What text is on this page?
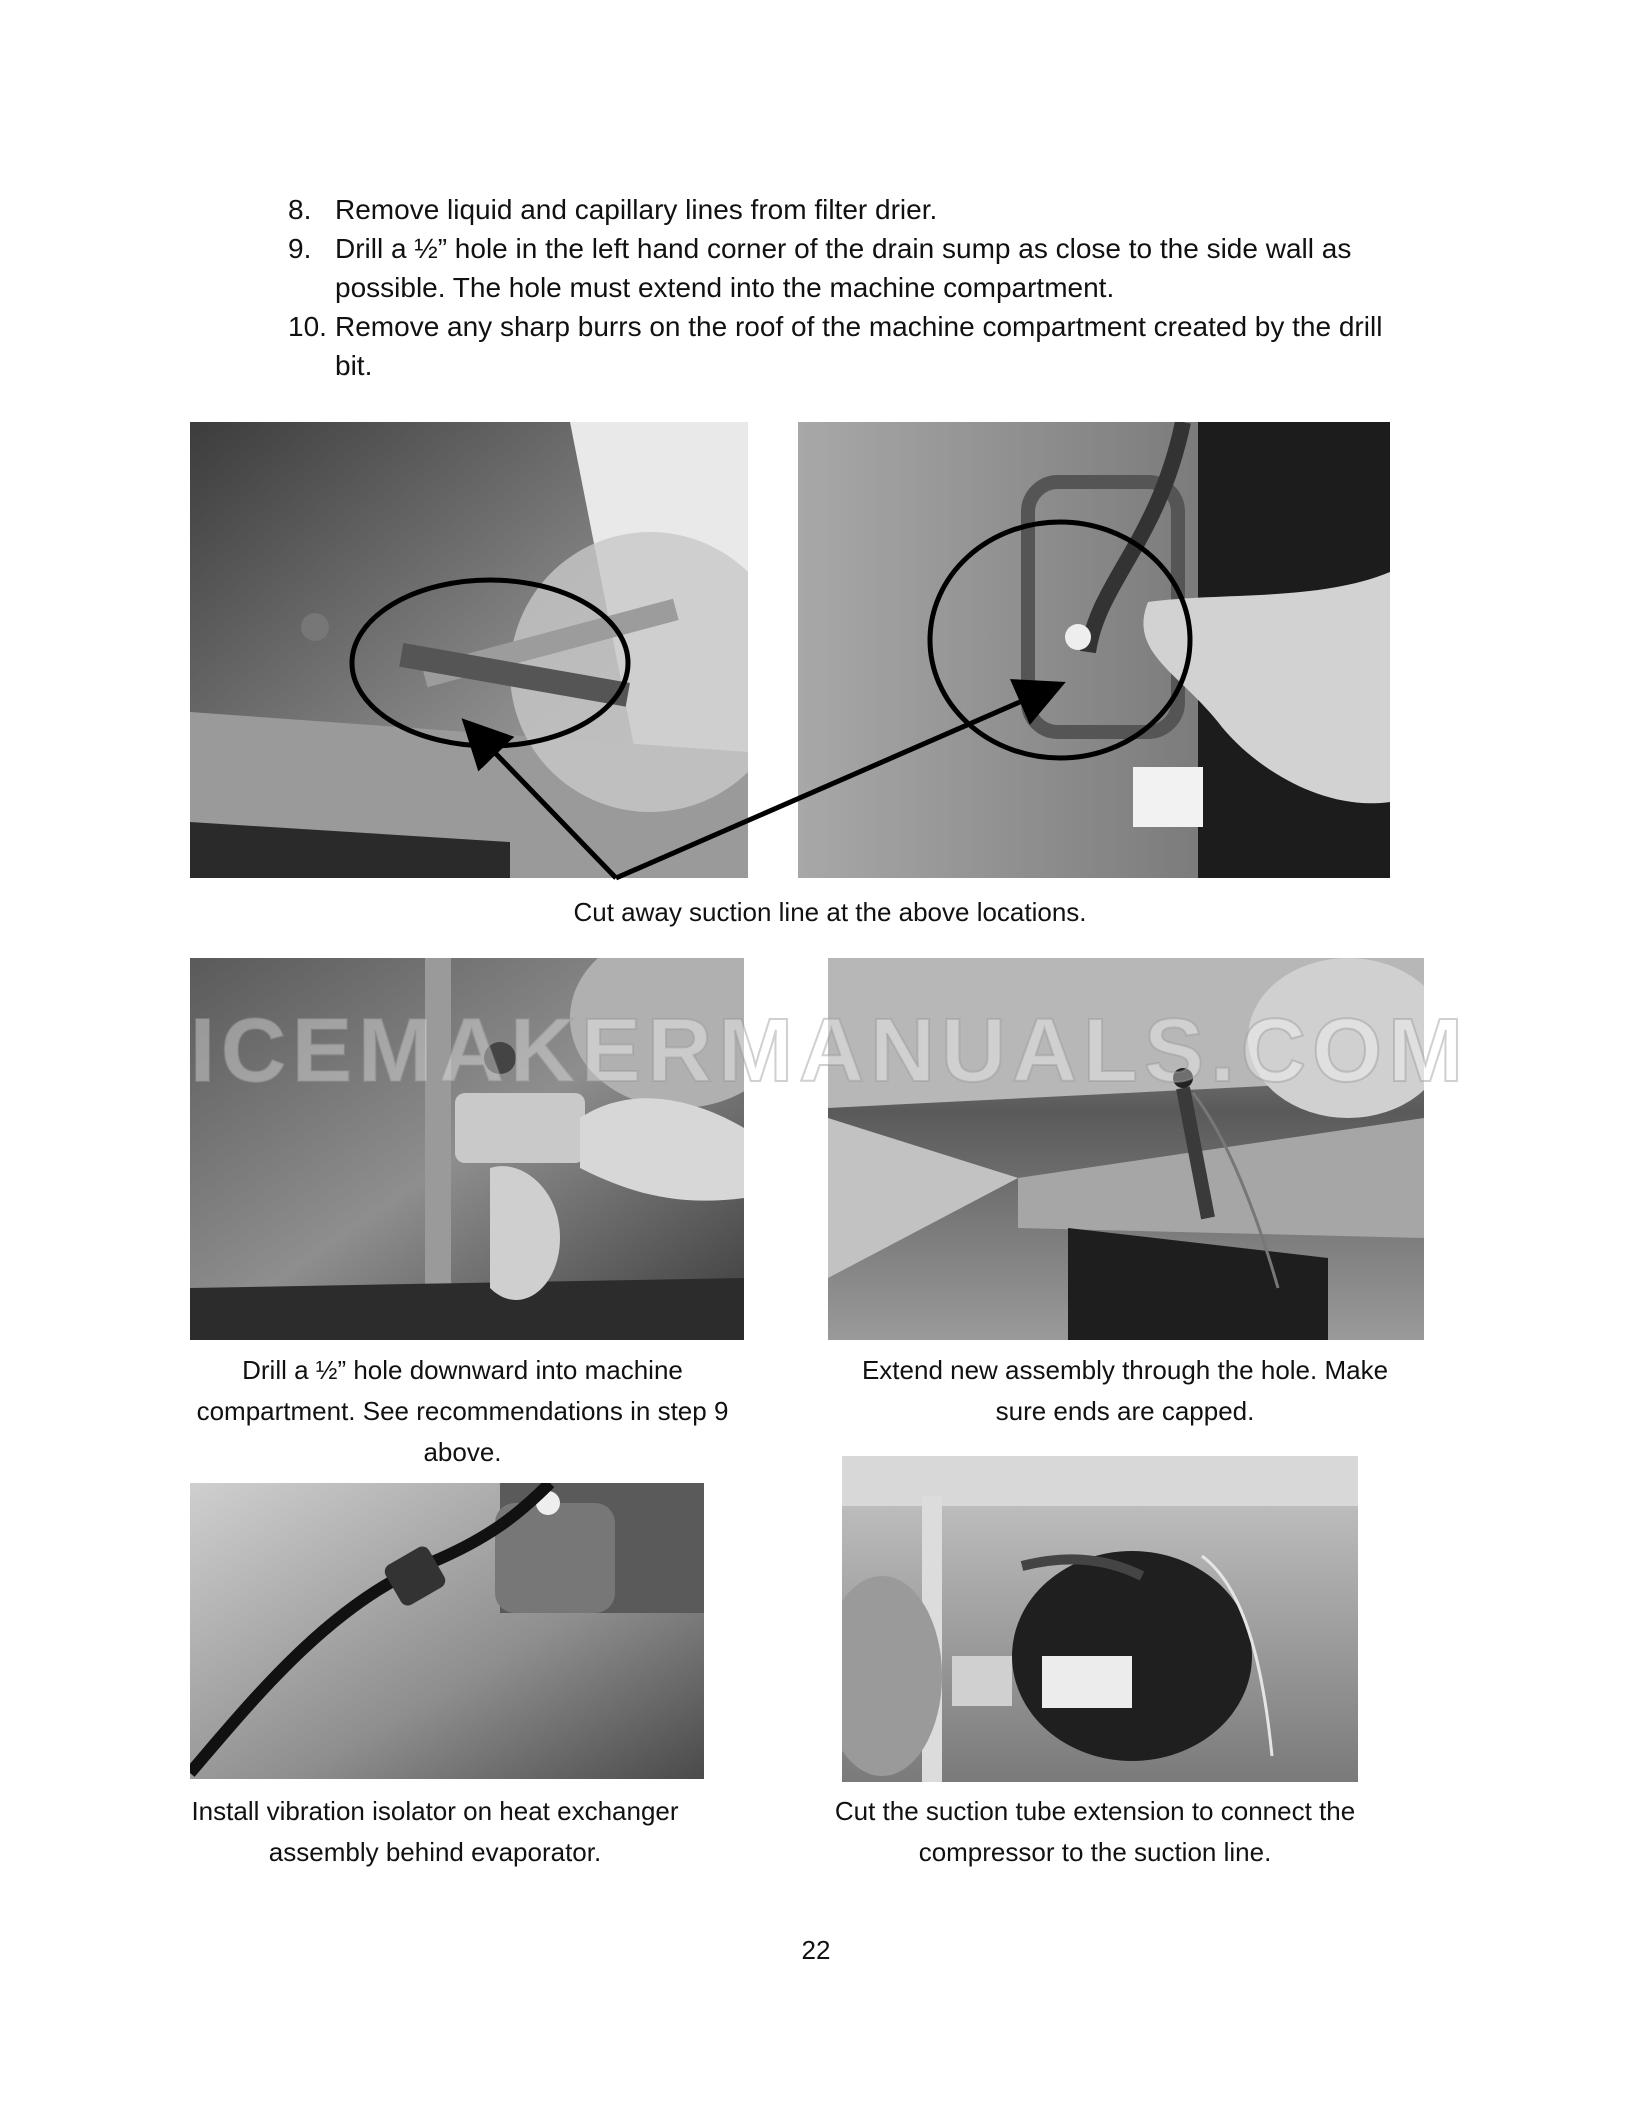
8. Remove liquid and capillary lines from filter drier.
9. Drill a ½” hole in the left hand corner of the drain sump as close to the side wall as possible. The hole must extend into the machine compartment.
10. Remove any sharp burrs on the roof of the machine compartment created by the drill bit.
Cut away suction line at the above locations.
Drill a ½” hole downward into machine compartment. See recommendations in step 9 above.
Extend new assembly through the hole. Make sure ends are capped.
Install vibration isolator on heat exchanger assembly behind evaporator.
Cut the suction tube extension to connect the compressor to the suction line.
ICEMAKERMANUALS.COM
22
